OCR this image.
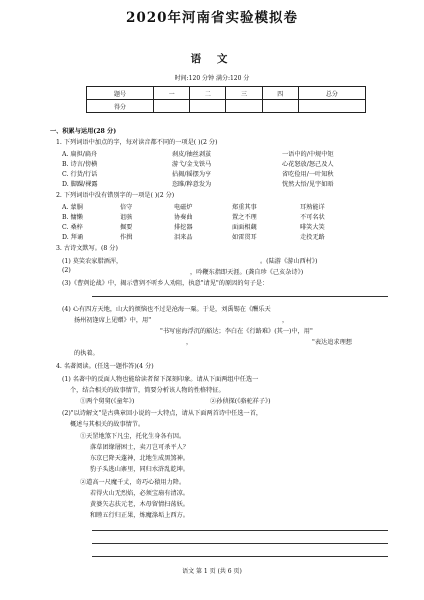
2020年河南省实验模拟卷
语 文
时间:120 分钟 满分:120 分
题号	一	二	三	四	总分
得分					
一、积累与运用(28 分)
1. 下列词语中加点的字，每对读音都不同的一项是( )(2 分)
A. 扁担/扁舟	刹皮/抽丝剥茧	一语中的/中规中矩
B. 诗言/傍横	游弋/金戈铁马	心花怒放/怒己及人
C. 行货/行话	拈揭/摇摆为亨	省吃俭用/一叶知秋
D. 脚踝/裸露	恣睢/粹意发为	恍然大悟/见宇如晤
2. 下列词语中没有错别字的一项是( )(2 分)
A. 蒙胴	倍守	电磁炉	郑重其事	耳熟能详
B. 慵懒	诅骇	协奏曲	置之不理	不可名状
C. 桑梓	掘要	排挖器	面面相觑	啡笑大笑
D. 拜诵	作揖	泪来品	如雷贯耳	走投无路
3. 古诗文默写。(8 分)
(1) 莫笑农家腊酒浑，	。(陆游《游山西村》)
(2)	，吟鞭东指即天涯。(龚自珍《己亥杂诗》)
(3)《曹刿论战》中，揭示曹刿不听乡人劝阻，执意"请见"的原因的句子是：
(4) 心有四方天地，山大的烦恼也不过是沧海一粟。于是，刘禹锡在《酬乐天
扬州初逢席上见赠》中，用"	，
"书写宦海浮沉的豁达；李白在《行路难》(其一)中，用"
，	"表达追求理想
的执着。
4. 名著阅读。(任选一题作答)(4 分)
(1) 名著中的反面人物也能给读者留下深刻印象。请从下面两组中任选一
个，结合相关的故事情节，简要分析该人物的性格特征。
①两个舅舅(《童年》)	②孙侦探(《骆驼祥子》)
(2)"以诗解文"是古典章回小说的一大特点，请从下面两首诗中任选一首，
概述与其相关的故事情节。
①天罡地煞下凡尘，托化生身各有因。
落草团缘屠困士，卖刀岂可杀平人？
东京已降天蓬神，北地生成黑煞神。
豹子头逃山寨里，同归水浒乱乾坤。
②道高一尺魔千丈，奇巧心猿用力降。
若得火山无烈焰，必须宝扇有清凉。
黄婆矢志扶元老，木母留情扫荡妖。
和睦五行归正果，炼魔涤垢上西方。
语文 第 1 页 (共 6 页)
